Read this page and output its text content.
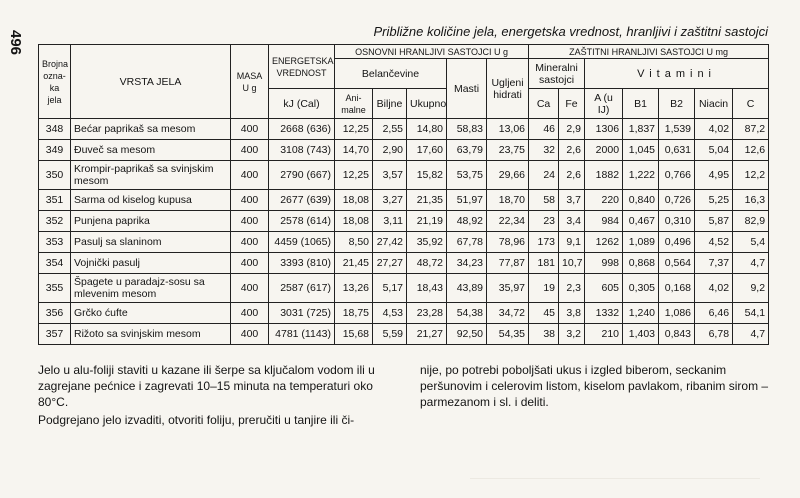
496	Približne količine jela, energetska vrednost, hranljivi i zaštitni sastojci
Brojna ozna-ka jela	VRSTA JELA	MASA U g	ENERGETSKA VREDNOST	OSNOVNI HRANLJIVI SASTOJCI U g					ZAŠTITNI HRANLJIVI SASTOJCI U mg						
				Belančevine			Masti	Ugljeni hidrati	Mineralni sastojci		Vitamini				
			kJ (Cal)	Ani-malne	Biljne	Ukupno			Ca	Fe	A (u IJ)	B1	B2	Niacin	C
348	Bećar paprikaš sa mesom	400	2668 (636)	12,25	2,55	14,80	58,83	13,06	46	2,9	1306	1,837	1,539	4,02	87,2
349	Đuveč sa mesom	400	3108 (743)	14,70	2,90	17,60	63,79	23,75	32	2,6	2000	1,045	0,631	5,04	12,6
350	Krompir-paprikaš sa svinjskim mesom	400	2790 (667)	12,25	3,57	15,82	53,75	29,66	24	2,6	1882	1,222	0,766	4,95	12,2
351	Sarma od kiselog kupusa	400	2677 (639)	18,08	3,27	21,35	51,97	18,70	58	3,7	220	0,840	0,726	5,25	16,3
352	Punjena paprika	400	2578 (614)	18,08	3,11	21,19	48,92	22,34	23	3,4	984	0,467	0,310	5,87	82,9
353	Pasulj sa slaninom	400	4459 (1065)	8,50	27,42	35,92	67,78	78,96	173	9,1	1262	1,089	0,496	4,52	5,4
354	Vojnički pasulj	400	3393 (810)	21,45	27,27	48,72	34,23	77,87	181	10,7	998	0,868	0,564	7,37	4,7
355	Špagete u paradajz-sosu sa mlevenim mesom	400	2587 (617)	13,26	5,17	18,43	43,89	35,97	19	2,3	605	0,305	0,168	4,02	9,2
356	Grčko ćufte	400	3031 (725)	18,75	4,53	23,28	54,38	34,72	45	3,8	1332	1,240	1,086	6,46	54,1
357	Rižoto sa svinjskim mesom	400	4781 (1143)	15,68	5,59	21,27	92,50	54,35	38	3,2	210	1,403	0,843	6,78	4,7

Jelo u alu-foliji staviti u kazane ili šerpe sa ključalom vodom ili u zagrejane pećnice i zagrevati 10–15 minuta na temperaturi oko 80°C.

Podgrejano jelo izvaditi, otvoriti foliju, preručiti u tanjire ili či-

nije, po potrebi poboljšati ukus i izgled biberom, seckanim peršunovim i celerovim listom, kiselom pavlakom, ribanim sirom – parmezanom i sl. i deliti.
